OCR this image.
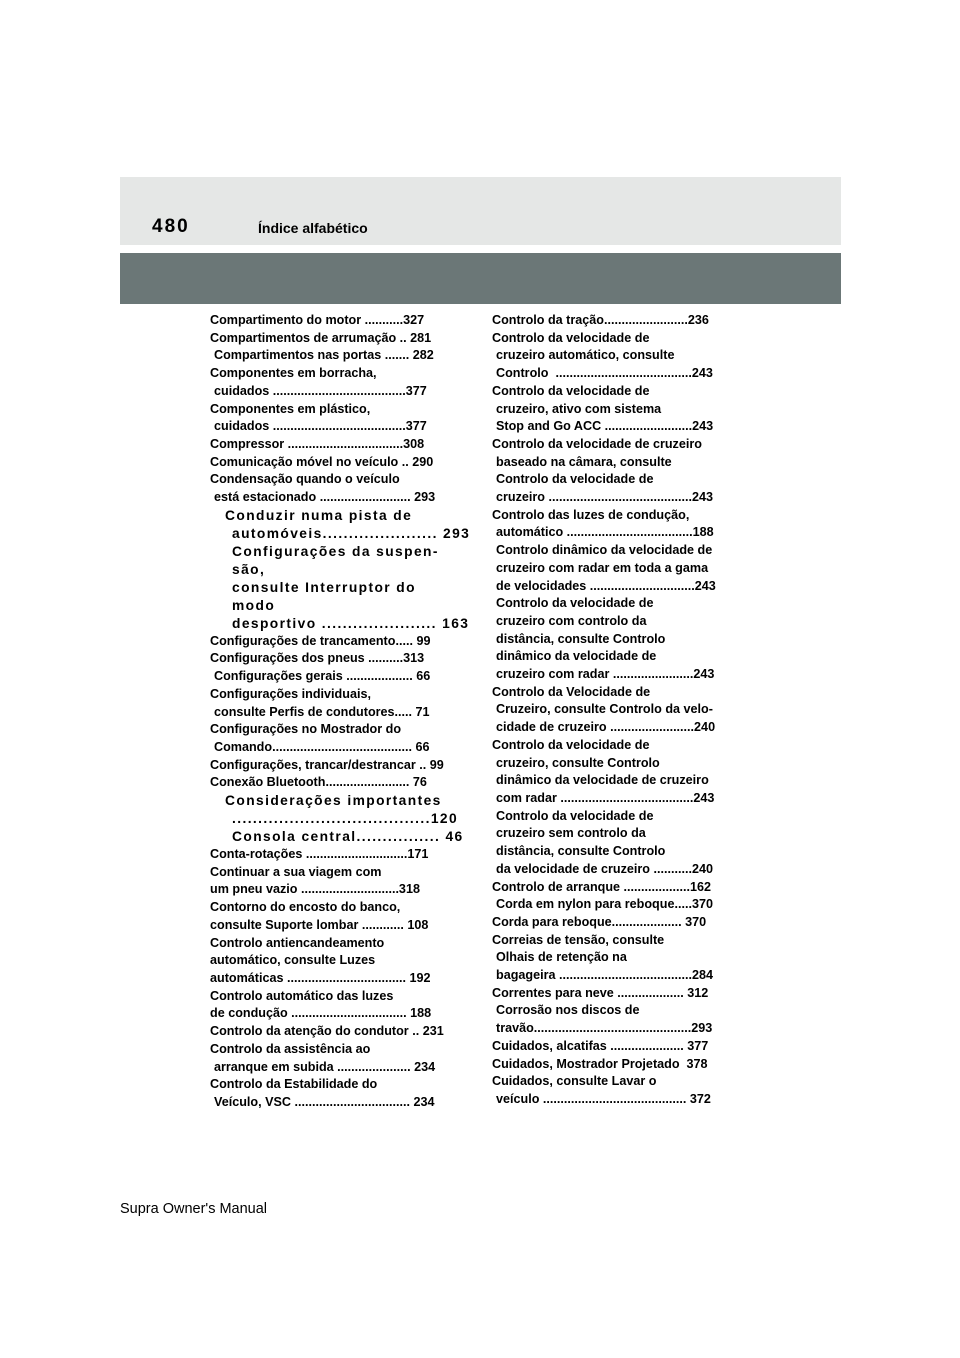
480	Índice alfabético
Compartimento do motor ...........327
Compartimentos de arrumação .. 281
Compartimentos nas portas ....... 282
Componentes em borracha,
cuidados ......................................377
Componentes em plástico,
cuidados ......................................377
Compressor .................................308
Comunicação móvel no veículo .. 290
Condensação quando o veículo
está estacionado .......................... 293
Conduzir numa pista de
automóveis...................... 293
Configurações da suspen-
são,
consulte Interruptor do
modo
desportivo ...................... 163
Configurações de trancamento..... 99
Configurações dos pneus ..........313
Configurações gerais ................... 66
Configurações individuais,
consulte Perfis de condutores..... 71
Configurações no Mostrador do
Comando........................................ 66
Configurações, trancar/destrancar .. 99
Conexão Bluetooth........................ 76
Considerações importantes
......................................120
Consola central................ 46
Conta-rotações .............................171
Continuar a sua viagem com
um pneu vazio ............................318
Contorno do encosto do banco,
consulte Suporte lombar ............ 108
Controlo antiencandeamento
automático, consulte Luzes
automáticas .................................. 192
Controlo automático das luzes
de condução ................................. 188
Controlo da atenção do condutor .. 231
Controlo da assistência ao
arranque em subida ..................... 234
Controlo da Estabilidade do
Veículo, VSC ................................. 234
Controlo da tração........................236
Controlo da velocidade de
cruzeiro automático, consulte
Controlo  .......................................243
Controlo da velocidade de
cruzeiro, ativo com sistema
Stop and Go ACC .........................243
Controlo da velocidade de cruzeiro
baseado na câmara, consulte
Controlo da velocidade de
cruzeiro .........................................243
Controlo das luzes de condução,
automático ....................................188
Controlo dinâmico da velocidade de
cruzeiro com radar em toda a gama
de velocidades ..............................243
Controlo da velocidade de
cruzeiro com controlo da
distância, consulte Controlo
dinâmico da velocidade de
cruzeiro com radar .......................243
Controlo da Velocidade de
Cruzeiro, consulte Controlo da velo-
cidade de cruzeiro ........................240
Controlo da velocidade de
cruzeiro, consulte Controlo
dinâmico da velocidade de cruzeiro
com radar ......................................243
Controlo da velocidade de
cruzeiro sem controlo da
distância, consulte Controlo
da velocidade de cruzeiro ...........240
Controlo de arranque ...................162
Corda em nylon para reboque.....370
Corda para reboque.................... 370
Correias de tensão, consulte
Olhais de retenção na
bagageira ......................................284
Correntes para neve ................... 312
Corrosão nos discos de
travão.............................................293
Cuidados, alcatifas ..................... 377
Cuidados, Mostrador Projetado  378
Cuidados, consulte Lavar o
veículo ......................................... 372
Supra Owner's Manual
